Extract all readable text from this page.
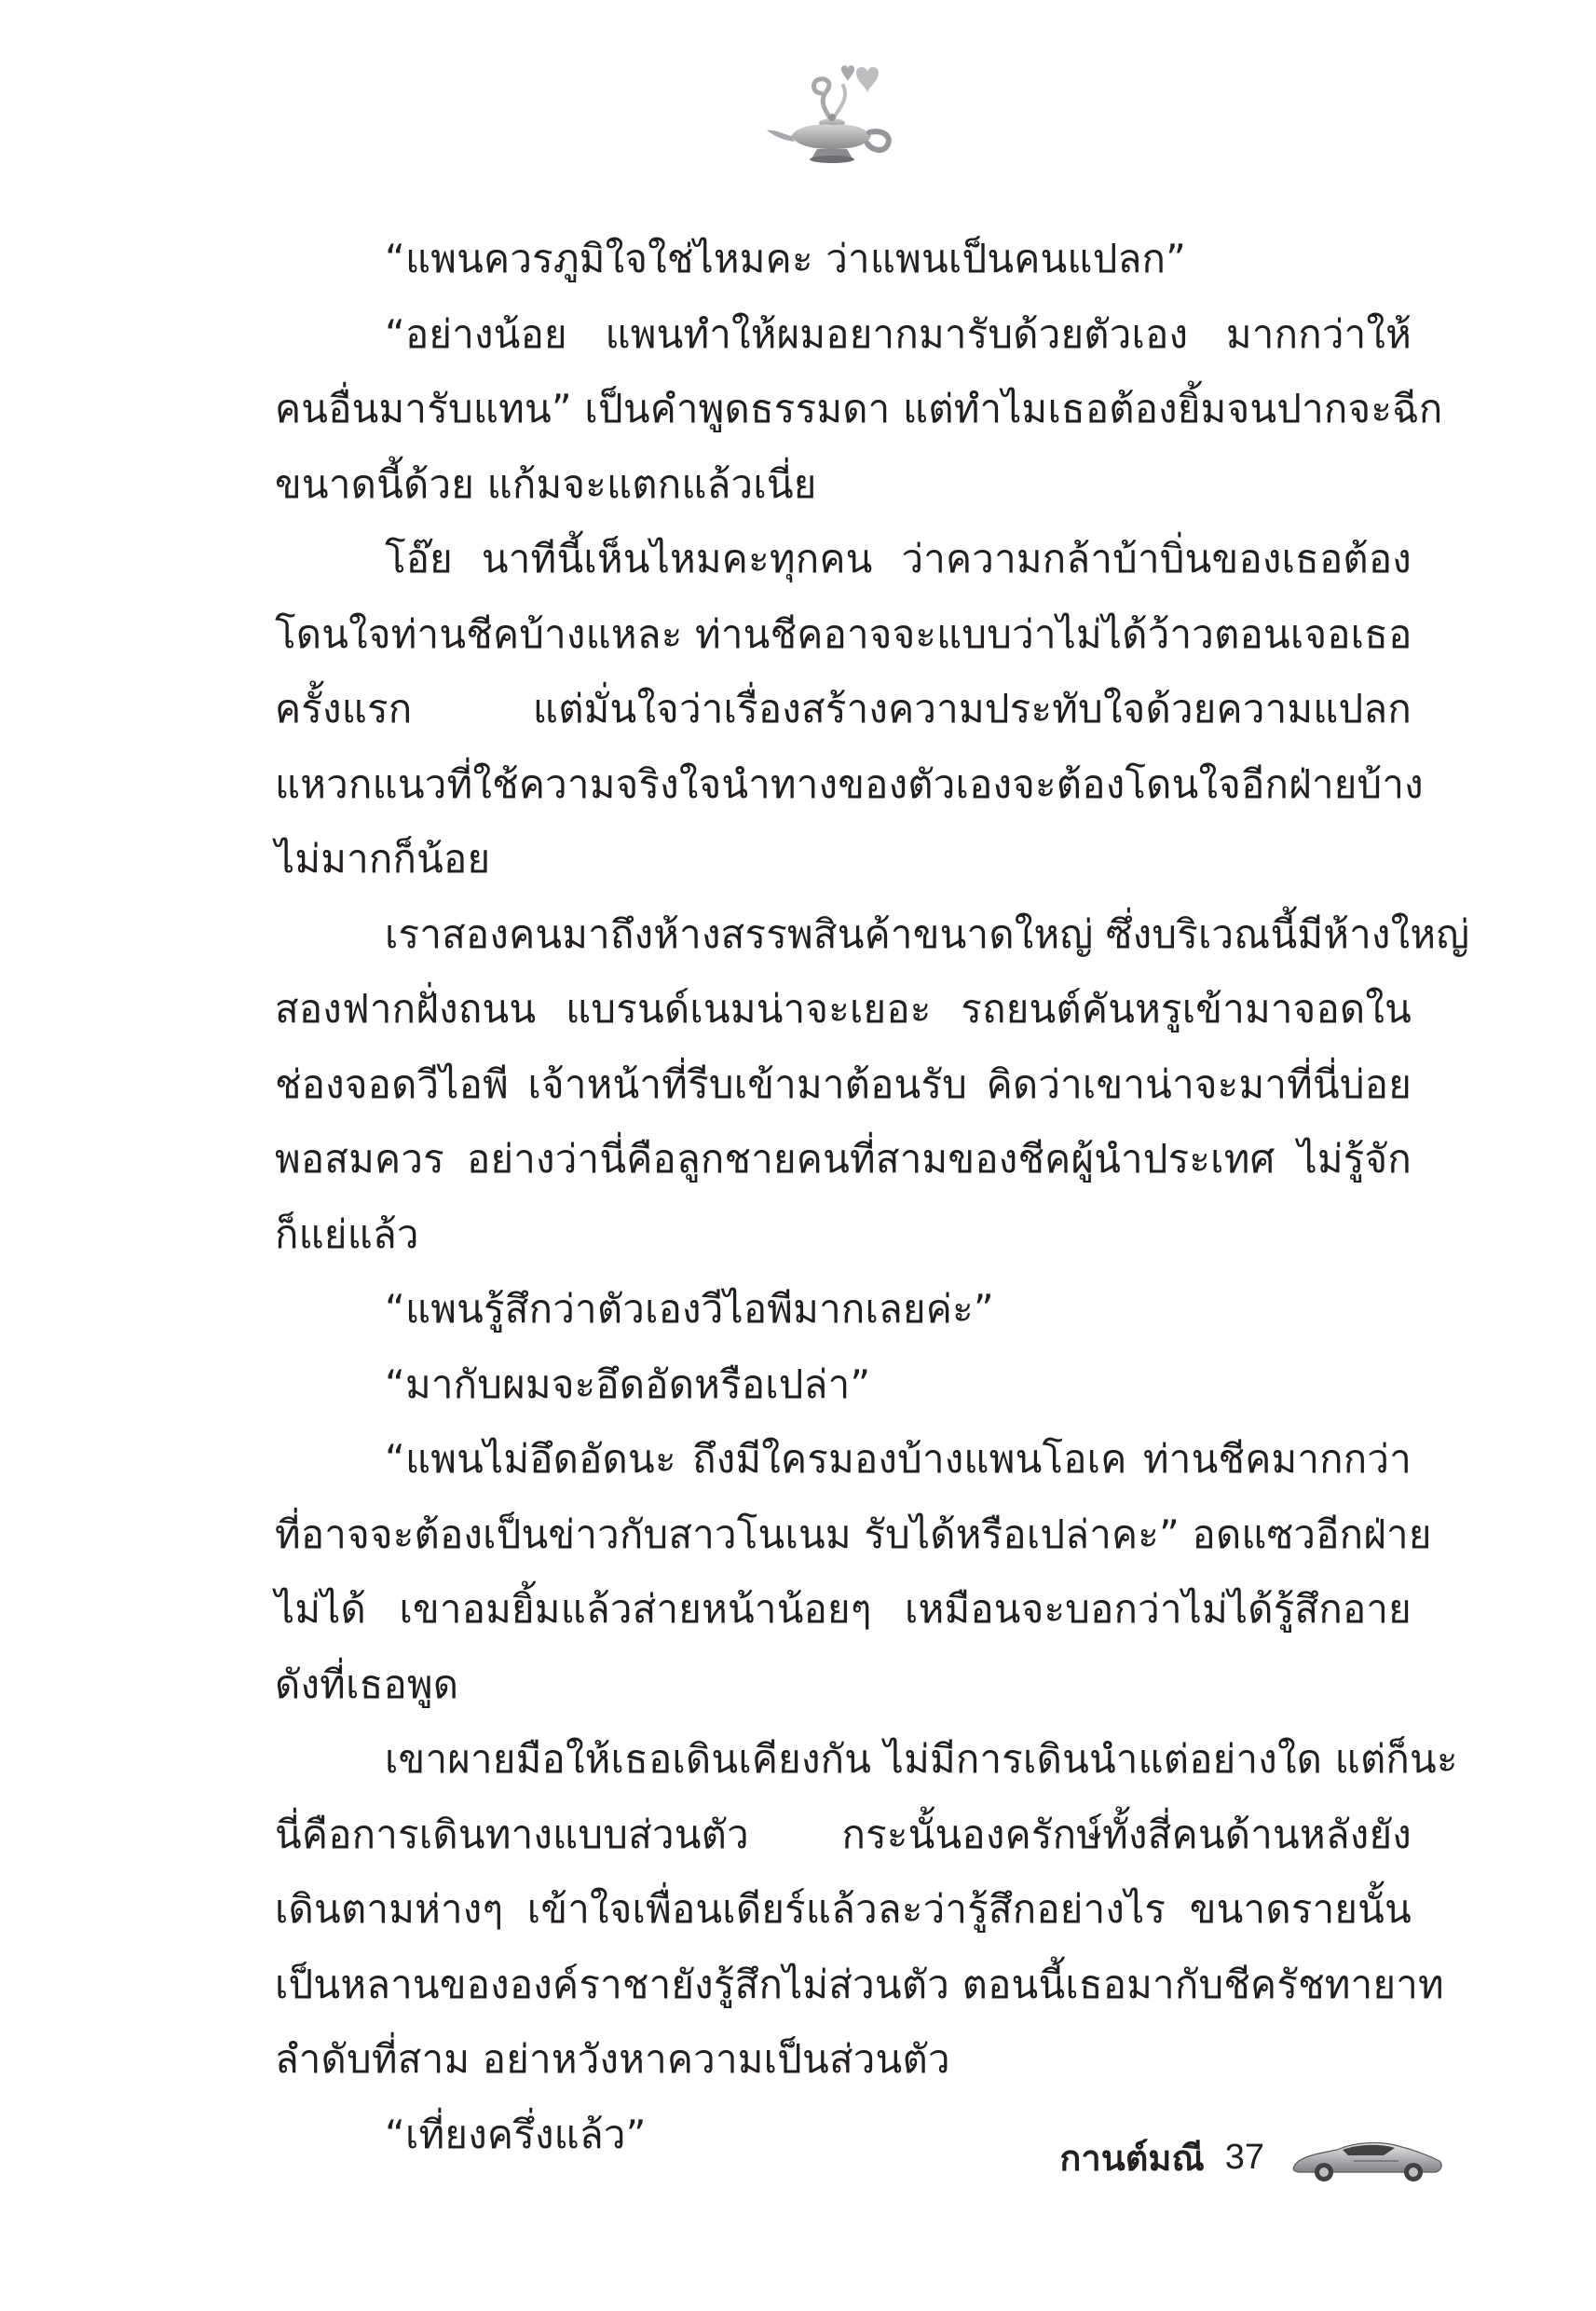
“แพนควรภูมิใจใช่ไหมคะ ว่าแพนเป็นคนแปลก”
“อย่างน้อย แพนทำให้ผมอยากมารับด้วยตัวเอง มากกว่าให้
คนอื่นมารับแทน” เป็นคำพูดธรรมดา แต่ทำไมเธอต้องยิ้มจนปากจะฉีก
ขนาดนี้ด้วย แก้มจะแตกแล้วเนี่ย
โอ๊ย นาทีนี้เห็นไหมคะทุกคน ว่าความกล้าบ้าบิ่นของเธอต้อง
โดนใจท่านชีคบ้างแหละ ท่านชีคอาจจะแบบว่าไม่ได้ว้าวตอนเจอเธอ
ครั้งแรก แต่มั่นใจว่าเรื่องสร้างความประทับใจด้วยความแปลก
แหวกแนวที่ใช้ความจริงใจนำทางของตัวเองจะต้องโดนใจอีกฝ่ายบ้าง
ไม่มากก็น้อย
เราสองคนมาถึงห้างสรรพสินค้าขนาดใหญ่ ซึ่งบริเวณนี้มีห้างใหญ่
สองฟากฝั่งถนน แบรนด์เนมน่าจะเยอะ รถยนต์คันหรูเข้ามาจอดใน
ช่องจอดวีไอพี เจ้าหน้าที่รีบเข้ามาต้อนรับ คิดว่าเขาน่าจะมาที่นี่บ่อย
พอสมควร อย่างว่านี่คือลูกชายคนที่สามของชีคผู้นำประเทศ ไม่รู้จัก
ก็แย่แล้ว
“แพนรู้สึกว่าตัวเองวีไอพีมากเลยค่ะ”
“มากับผมจะอึดอัดหรือเปล่า”
“แพนไม่อึดอัดนะ ถึงมีใครมองบ้างแพนโอเค ท่านชีคมากกว่า
ที่อาจจะต้องเป็นข่าวกับสาวโนเนม รับได้หรือเปล่าคะ” อดแซวอีกฝ่าย
ไม่ได้ เขาอมยิ้มแล้วส่ายหน้าน้อยๆ เหมือนจะบอกว่าไม่ได้รู้สึกอาย
ดังที่เธอพูด
เขาผายมือให้เธอเดินเคียงกัน ไม่มีการเดินนำแต่อย่างใด แต่ก็นะ
นี่คือการเดินทางแบบส่วนตัว กระนั้นองครักษ์ทั้งสี่คนด้านหลังยัง
เดินตามห่างๆ เข้าใจเพื่อนเดียร์แล้วละว่ารู้สึกอย่างไร ขนาดรายนั้น
เป็นหลานขององค์ราชายังรู้สึกไม่ส่วนตัว ตอนนี้เธอมากับชีครัชทายาท
ลำดับที่สาม อย่าหวังหาความเป็นส่วนตัว
“เที่ยงครึ่งแล้ว”
กานต์มณี 37
